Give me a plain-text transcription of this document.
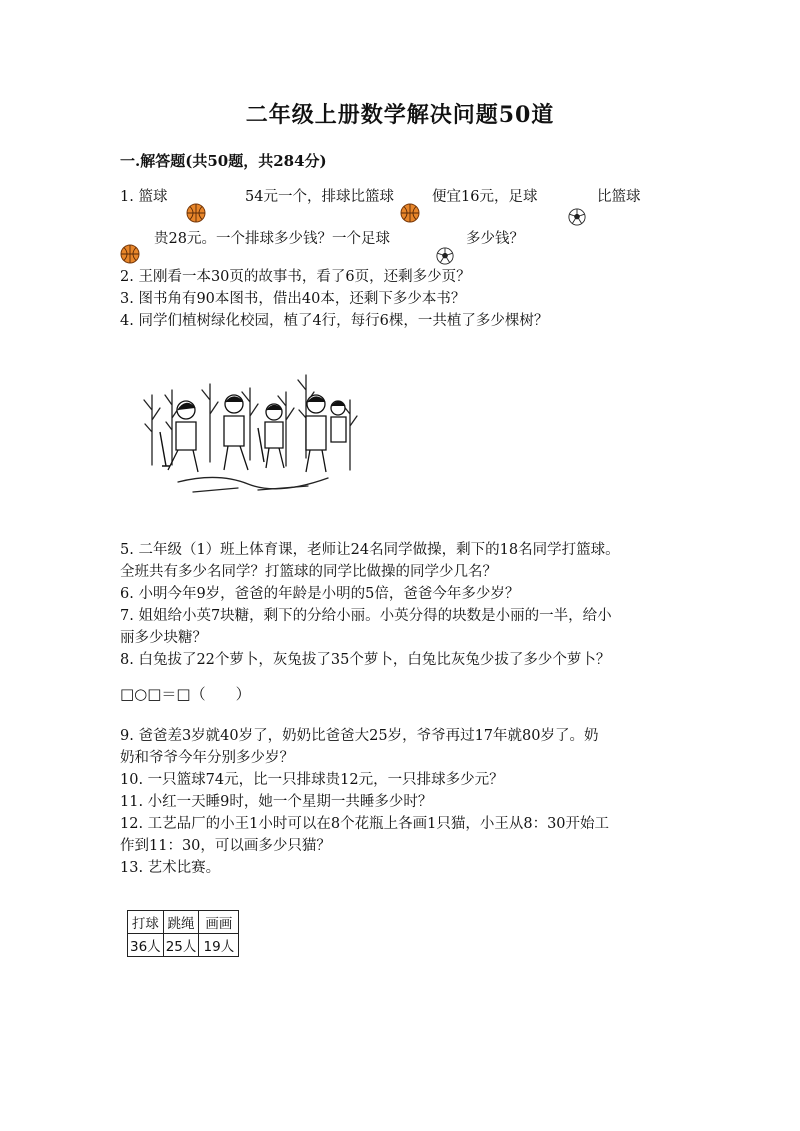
二年级上册数学解决问题50道
一.解答题(共50题，共284分)
1. 篮球	54元一个，排球比篮球	便宜16元，足球	比篮球
贵28元。一个排球多少钱？一个足球	多少钱？
2. 王刚看一本30页的故事书，看了6页，还剩多少页？
3. 图书角有90本图书，借出40本，还剩下多少本书？
4. 同学们植树绿化校园，植了4行，每行6棵，一共植了多少棵树？
5. 二年级（1）班上体育课，老师让24名同学做操，剩下的18名同学打篮球。
全班共有多少名同学？打篮球的同学比做操的同学少几名？
6. 小明今年9岁，爸爸的年龄是小明的5倍，爸爸今年多少岁？
7. 姐姐给小英7块糖，剩下的分给小丽。小英分得的块数是小丽的一半，给小
丽多少块糖？
8. 白兔拔了22个萝卜，灰兔拔了35个萝卜，白兔比灰兔少拔了多少个萝卜？
□○□＝□（　　）
9. 爸爸差3岁就40岁了，奶奶比爸爸大25岁，爷爷再过17年就80岁了。奶
奶和爷爷今年分别多少岁？
10. 一只篮球74元，比一只排球贵12元，一只排球多少元？
11. 小红一天睡9时，她一个星期一共睡多少时？
12. 工艺品厂的小王1小时可以在8个花瓶上各画1只猫，小王从8：30开始工
作到11：30，可以画多少只猫？
13. 艺术比赛。
打球	跳绳	画画
36人	25人	19人
